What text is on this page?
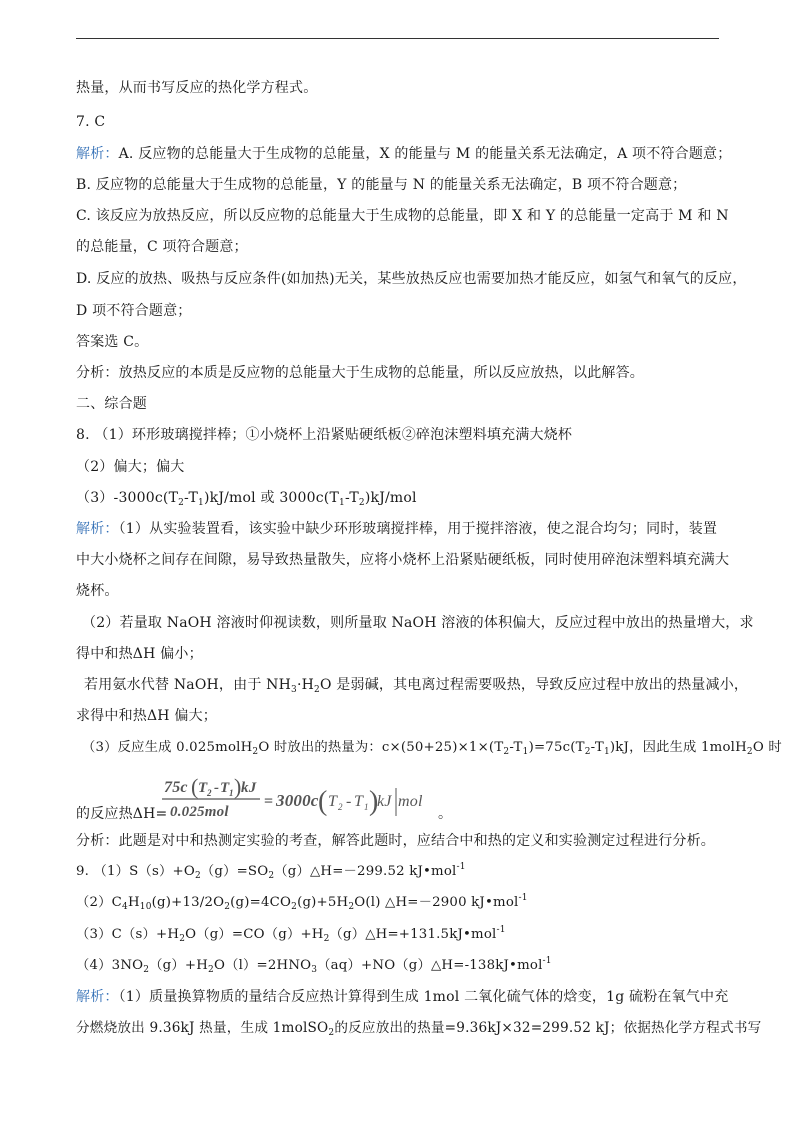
热量，从而书写反应的热化学方程式。
7. C
解析：A. 反应物的总能量大于生成物的总能量，X 的能量与 M 的能量关系无法确定，A 项不符合题意；
B. 反应物的总能量大于生成物的总能量，Y 的能量与 N 的能量关系无法确定，B 项不符合题意；
C. 该反应为放热反应，所以反应物的总能量大于生成物的总能量，即 X 和 Y 的总能量一定高于 M 和 N
的总能量，C 项符合题意；
D. 反应的放热、吸热与反应条件(如加热)无关，某些放热反应也需要加热才能反应，如氢气和氧气的反应，
D 项不符合题意；
答案选 C。
分析：放热反应的本质是反应物的总能量大于生成物的总能量，所以反应放热，以此解答。
二、综合题
8. （1）环形玻璃搅拌棒；①小烧杯上沿紧贴硬纸板②碎泡沫塑料填充满大烧杯
（2）偏大；偏大
$(3)-3000c(T_2-T_1)kJ$/mol 或 $3000c(T_1-T_2)kJ$/mol
解析：（1）从实验装置看，该实验中缺少环形玻璃搅拌棒，用于搅拌溶液，使之混合均匀；同时，装置
中大小烧杯之间存在间隙，易导致热量散失，应将小烧杯上沿紧贴硬纸板，同时使用碎泡沫塑料填充满大
烧杯。
（2）若量取 NaOH 溶液时仰视读数，则所量取 NaOH 溶液的体积偏大，反应过程中放出的热量增大，求
得中和热ΔH 偏小；
若用氨水代替 NaOH，由于 $NH_3\cdot H_2O$ 是弱碱，其电离过程需要吸热，导致反应过程中放出的热量减小，
求得中和热ΔH 偏大；
（3）反应生成 0.025molH$_2$O 时放出的热量为：$c\times(50+25)\times 1\times(T_2-T_1)=75c(T_2-T_1)kJ$，因此生成 1molH$_2$O 时
的反应热ΔH=
75c ( T 2 - T 1 ) kJ
0.025mol
= 3000c ( T 2 - T 1 )
kJ mol
。
分析：此题是对中和热测定实验的考查，解答此题时，应结合中和热的定义和实验测定过程进行分析。
9. $(1)S(s)+O_2(g)=SO_2(g)\triangle H=-299.52$ kJ•mol$^{-1}$
$(2)C_4H_{10}(g)+13/2O_2(g)=4CO_2(g)+5H_2O(l)$ △H=－2900 kJ•mol$^{-1}$
$(3)C(s)+H_2O(g)=CO(g)+H_2(g)\triangle H=+131.5kJ•mol^{-1}$
$(4)3NO_2(g)+H_2O(l)=2HNO_3(aq)+NO(g)\triangle H=-138kJ•mol^{-1}$
解析：（1）质量换算物质的量结合反应热计算得到生成 1mol 二氧化硫气体的焓变，1g 硫粉在氧气中充
分燃烧放出 9.36kJ 热量，生成 1molSO$_2$的反应放出的热量=9.36kJ×32=299.52 kJ；依据热化学方程式书写
